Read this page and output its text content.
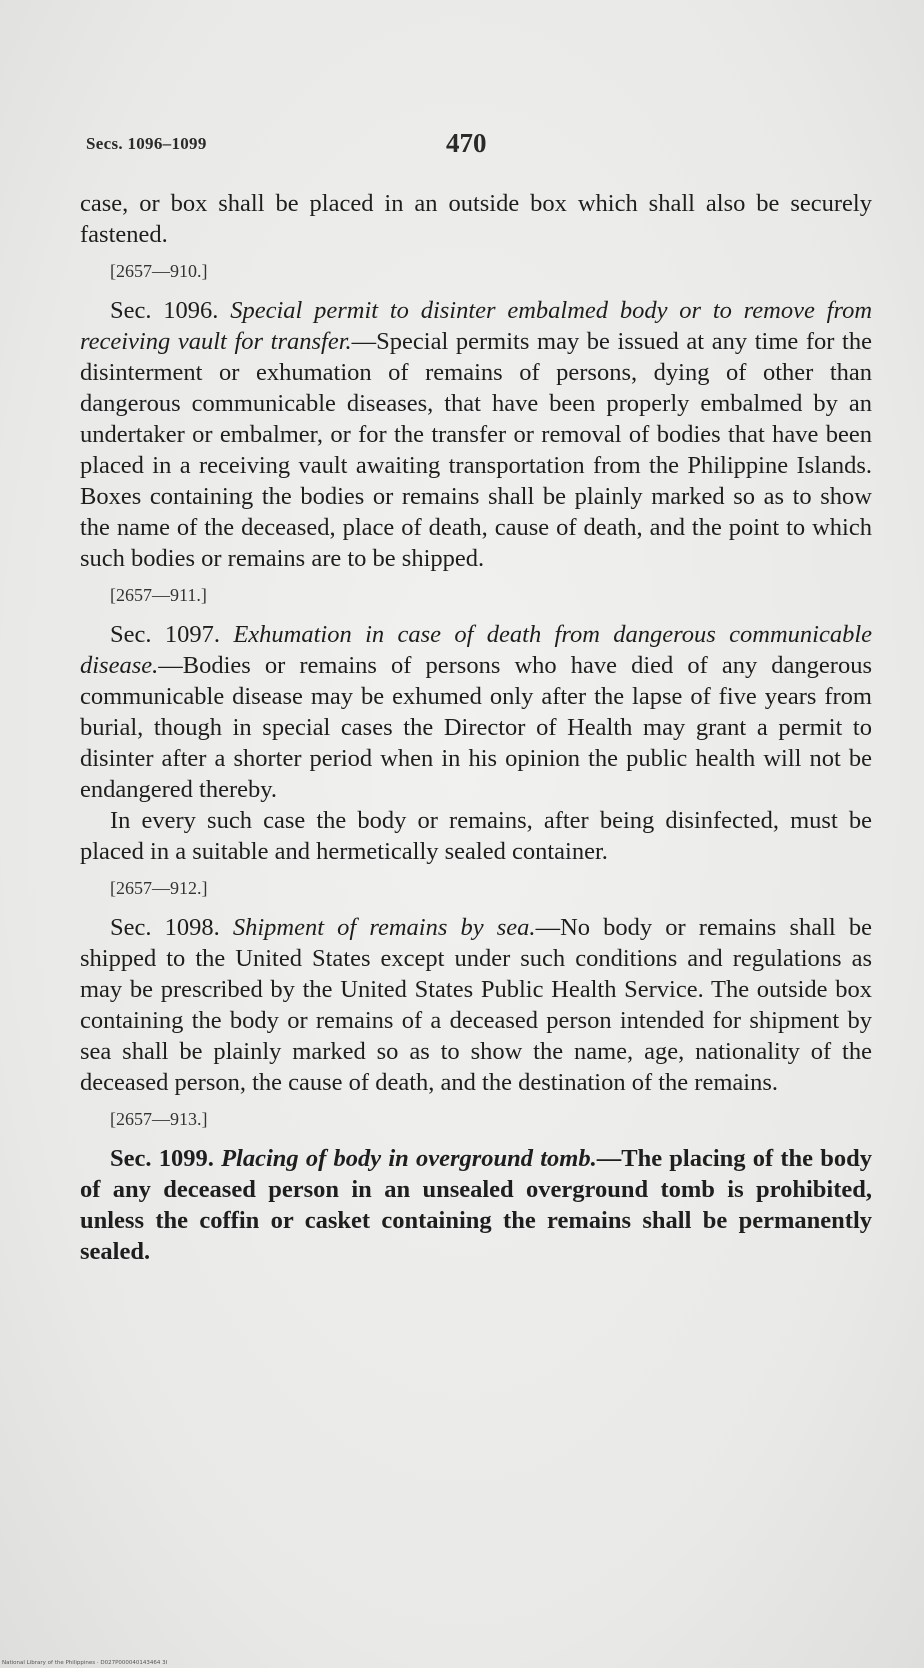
Secs. 1096–1099	470

case, or box shall be placed in an outside box which shall also be securely fastened.

[2657—910.]

Sec. 1096. Special permit to disinter embalmed body or to remove from receiving vault for transfer.—Special permits may be issued at any time for the disinterment or exhumation of remains of persons, dying of other than dangerous communicable diseases, that have been properly embalmed by an undertaker or embalmer, or for the transfer or removal of bodies that have been placed in a receiving vault awaiting transportation from the Philippine Islands. Boxes containing the bodies or remains shall be plainly marked so as to show the name of the deceased, place of death, cause of death, and the point to which such bodies or remains are to be shipped.

[2657—911.]

Sec. 1097. Exhumation in case of death from dangerous communicable disease.—Bodies or remains of persons who have died of any dangerous communicable disease may be exhumed only after the lapse of five years from burial, though in special cases the Director of Health may grant a permit to disinter after a shorter period when in his opinion the public health will not be endangered thereby.

In every such case the body or remains, after being disinfected, must be placed in a suitable and hermetically sealed container.

[2657—912.]

Sec. 1098. Shipment of remains by sea.—No body or remains shall be shipped to the United States except under such conditions and regulations as may be prescribed by the United States Public Health Service. The outside box containing the body or remains of a deceased person intended for shipment by sea shall be plainly marked so as to show the name, age, nationality of the deceased person, the cause of death, and the destination of the remains.

[2657—913.]

Sec. 1099. Placing of body in overground tomb.—The placing of the body of any deceased person in an unsealed overground tomb is prohibited, unless the coffin or casket containing the remains shall be permanently sealed.

National Library of the Philippines · D027P000040143464 3I
